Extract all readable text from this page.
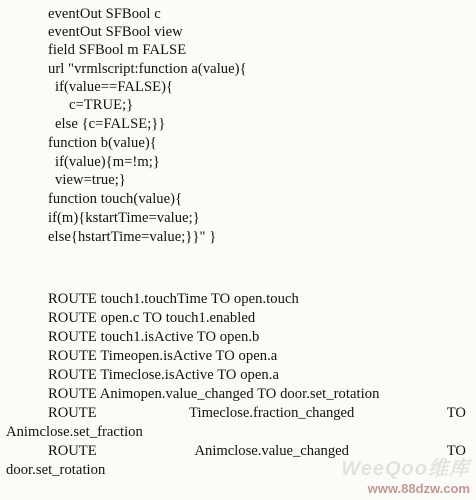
eventOut SFBool c
eventOut SFBool view
field SFBool m FALSE
url "vrmlscript:function a(value){
if(value==FALSE){
c=TRUE;}
else {c=FALSE;}}
function b(value){
if(value){m=!m;}
view=true;}
function touch(value){
if(m){kstartTime=value;}
else{hstartTime=value;}}" }
ROUTE touch1.touchTime TO open.touch
ROUTE open.c TO touch1.enabled
ROUTE touch1.isActive TO open.b
ROUTE Timeopen.isActive TO open.a
ROUTE Timeclose.isActive TO open.a
ROUTE Animopen.value_changed TO door.set_rotation
ROUTE	Timeclose.fraction_changed	TO
Animclose.set_fraction
ROUTE	Animclose.value_changed	TO
door.set_rotation	WeeQoo维库
www.88dzw.com
